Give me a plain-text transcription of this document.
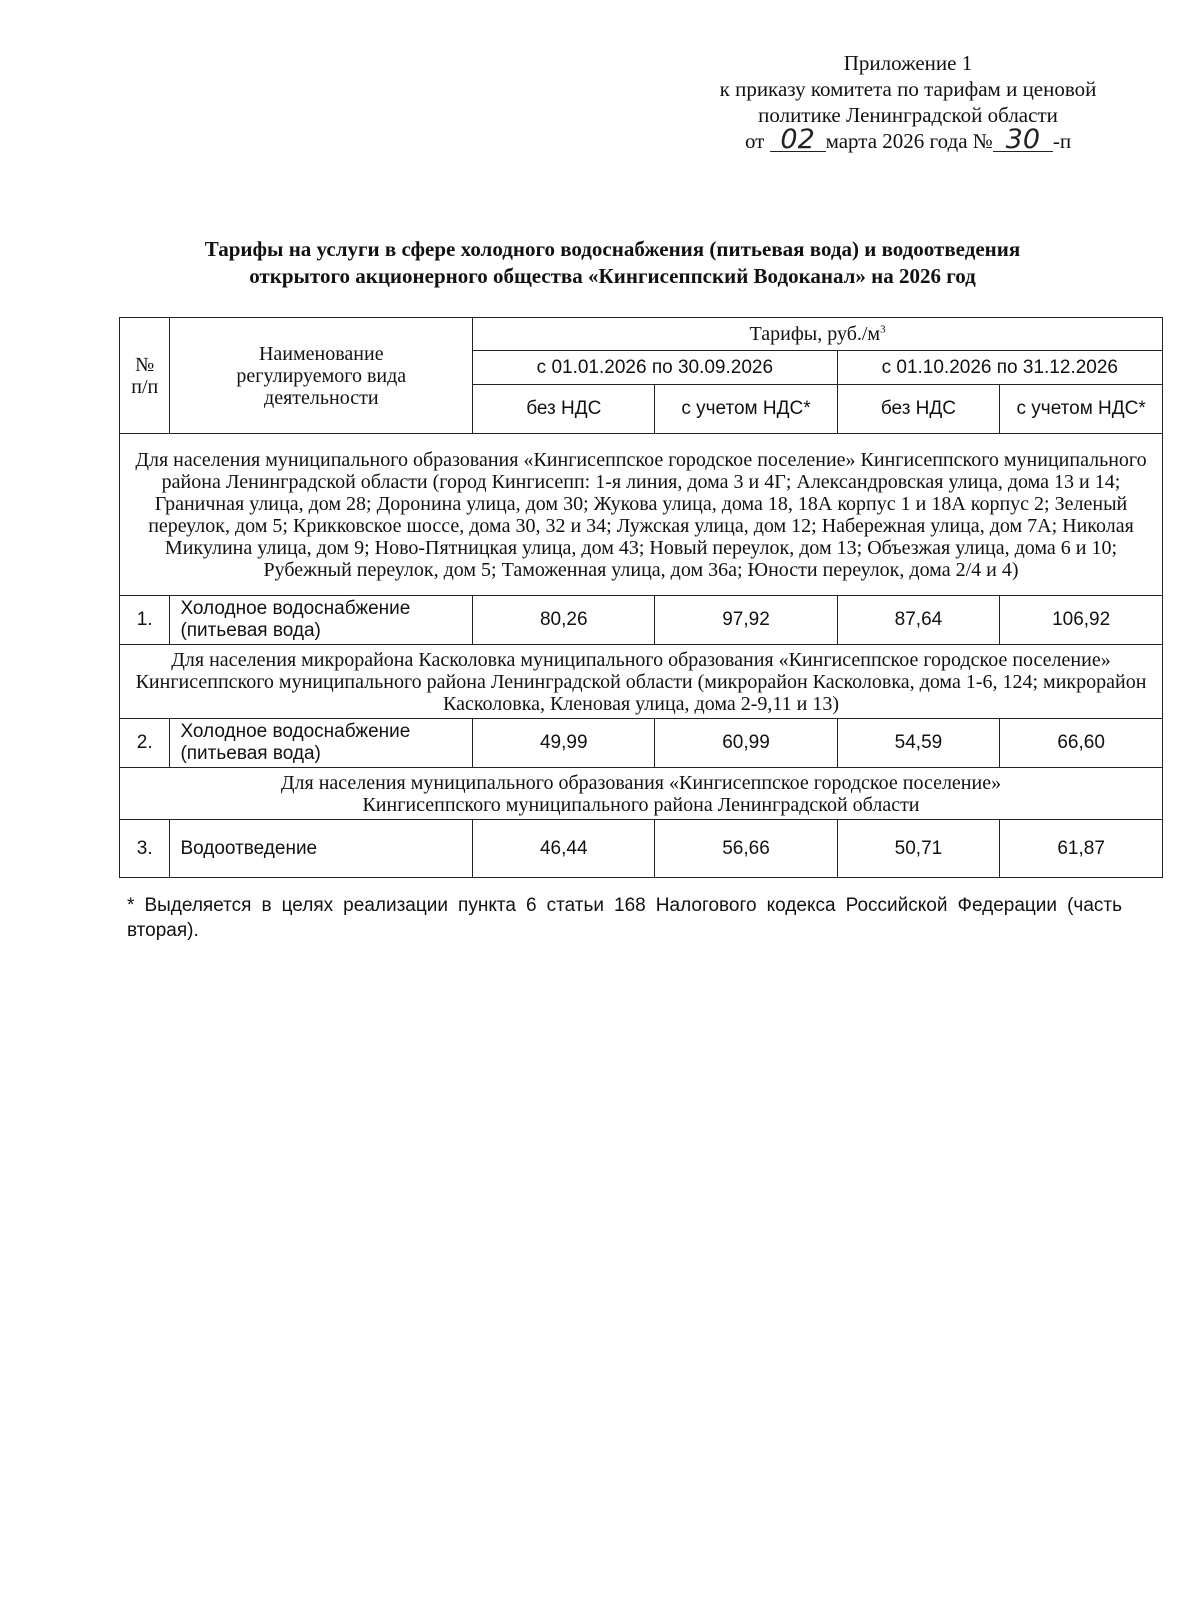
Приложение 1
к приказу комитета по тарифам и ценовой
политике Ленинградской области
от 02 марта 2026 года № 30 -п
Тарифы на услуги в сфере холодного водоснабжения (питьевая вода) и водоотведения
открытого акционерного общества «Кингисеппский Водоканал» на 2026 год
№
п/п	Наименование регулируемого вида деятельности	Тарифы, $руб./м^3$
		с 01.01.2026 по 30.09.2026		с 01.10.2026 по 31.12.2026	
		без НДС	с учетом НДС*	без НДС	с учетом НДС*
Для населения муниципального образования «Кингисеппское городское поселение» Кингисеппского муниципального района Ленинградской области (город Кингисепп: 1-я линия, дома 3 и 4Г; Александровская улица, дома 13 и 14; Граничная улица, дом 28; Доронина улица, дом 30; Жукова улица, дома 18, 18А корпус 1 и 18А корпус 2; Зеленый переулок, дом 5; Крикковское шоссе, дома 30, 32 и 34; Лужская улица, дом 12; Набережная улица, дом 7А; Николая Микулина улица, дом 9; Ново-Пятницкая улица, дом 43; Новый переулок, дом 13; Объезжая улица, дома 6 и 10; Рубежный переулок, дом 5; Таможенная улица, дом 36а; Юности переулок, дома 2/4 и 4)					
1.	Холодное водоснабжение (питьевая вода)	80,26	97,92	87,64	106,92
Для населения микрорайона Касколовка муниципального образования «Кингисеппское городское поселение» Кингисеппского муниципального района Ленинградской области (микрорайон Касколовка, дома 1-6, 124; микрорайон Касколовка, Кленовая улица, дома 2-9,11 и 13)					
2.	Холодное водоснабжение (питьевая вода)	49,99	60,99	54,59	66,60
Для населения муниципального образования «Кингисеппское городское поселение»
Кингисеппского муниципального района Ленинградской области					
3.	Водоотведение	46,44	56,66	50,71	61,87
* Выделяется в целях реализации пункта 6 статьи 168 Налогового кодекса Российской Федерации (часть вторая).
